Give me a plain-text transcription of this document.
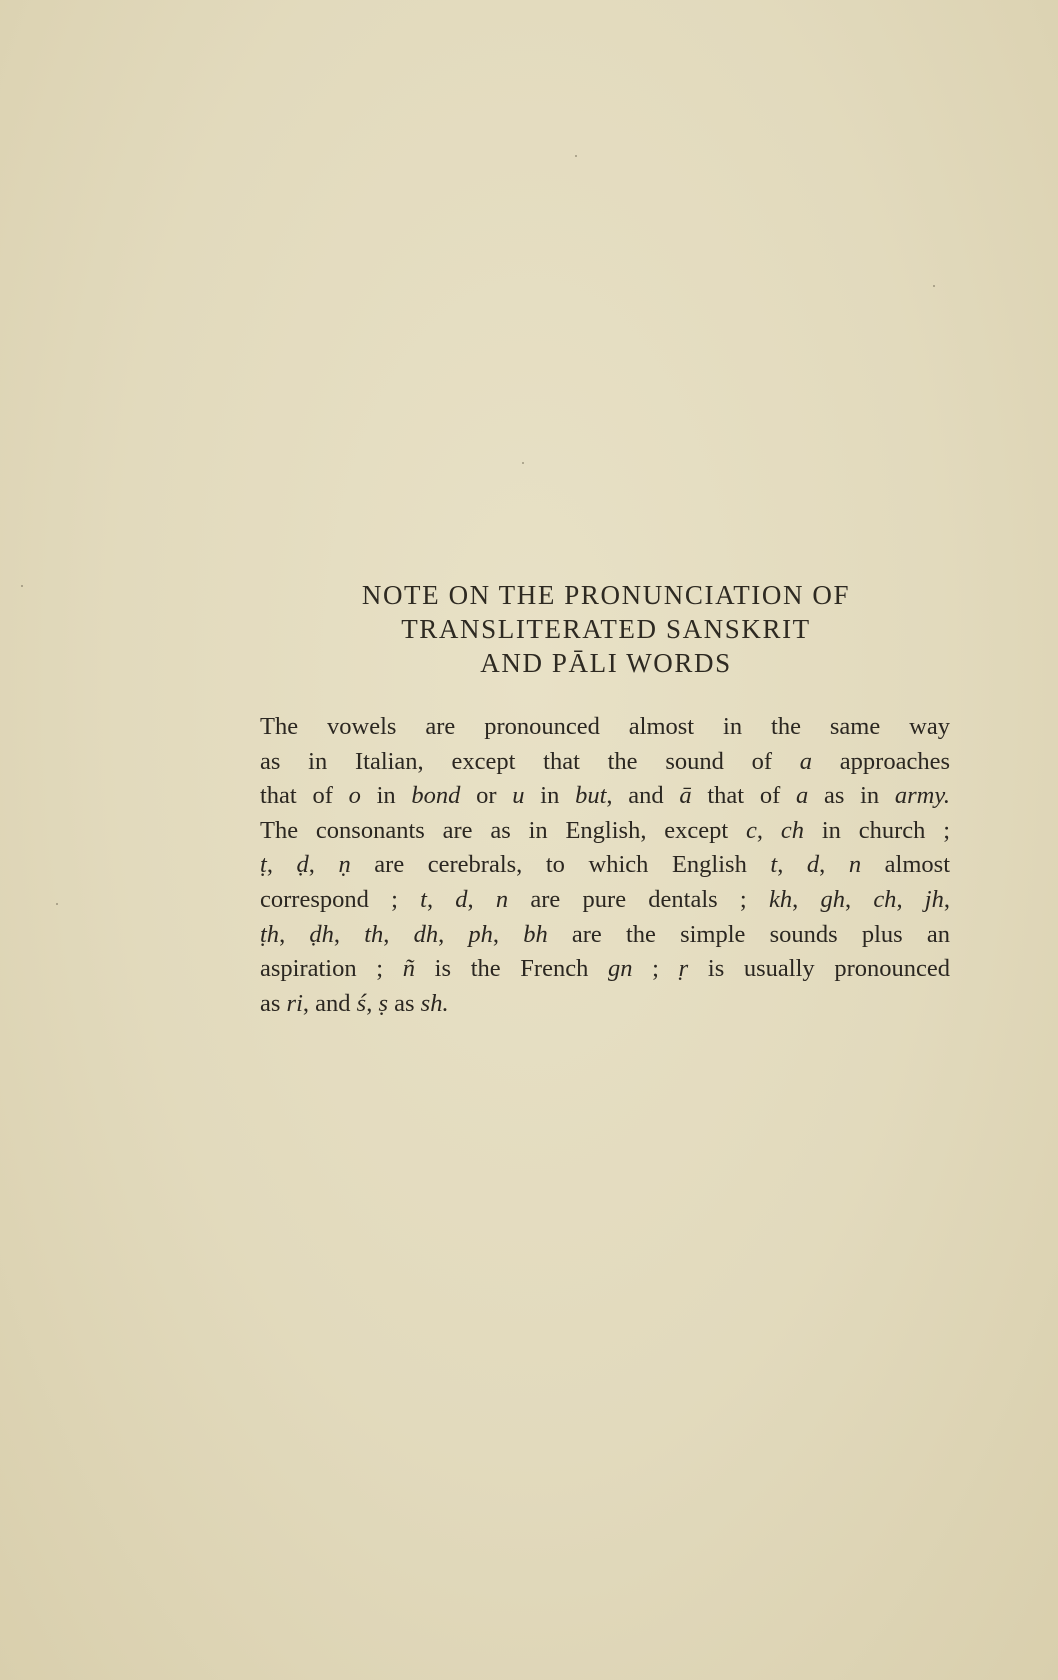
NOTE ON THE PRONUNCIATION OF
TRANSLITERATED SANSKRIT
AND PĀLI WORDS
The vowels are pronounced almost in the same way
as in Italian, except that the sound of a approaches
that of o in bond or u in but, and ā that of a as in army.
The consonants are as in English, except c, ch in church ;
ṭ, ḍ, ṇ are cerebrals, to which English t, d, n almost
correspond ; t, d, n are pure dentals ; kh, gh, ch, jh,
ṭh, ḍh, th, dh, ph, bh are the simple sounds plus an
aspiration ; ñ is the French gn ; ṛ is usually pronounced
as ri, and ś, ṣ as sh.
